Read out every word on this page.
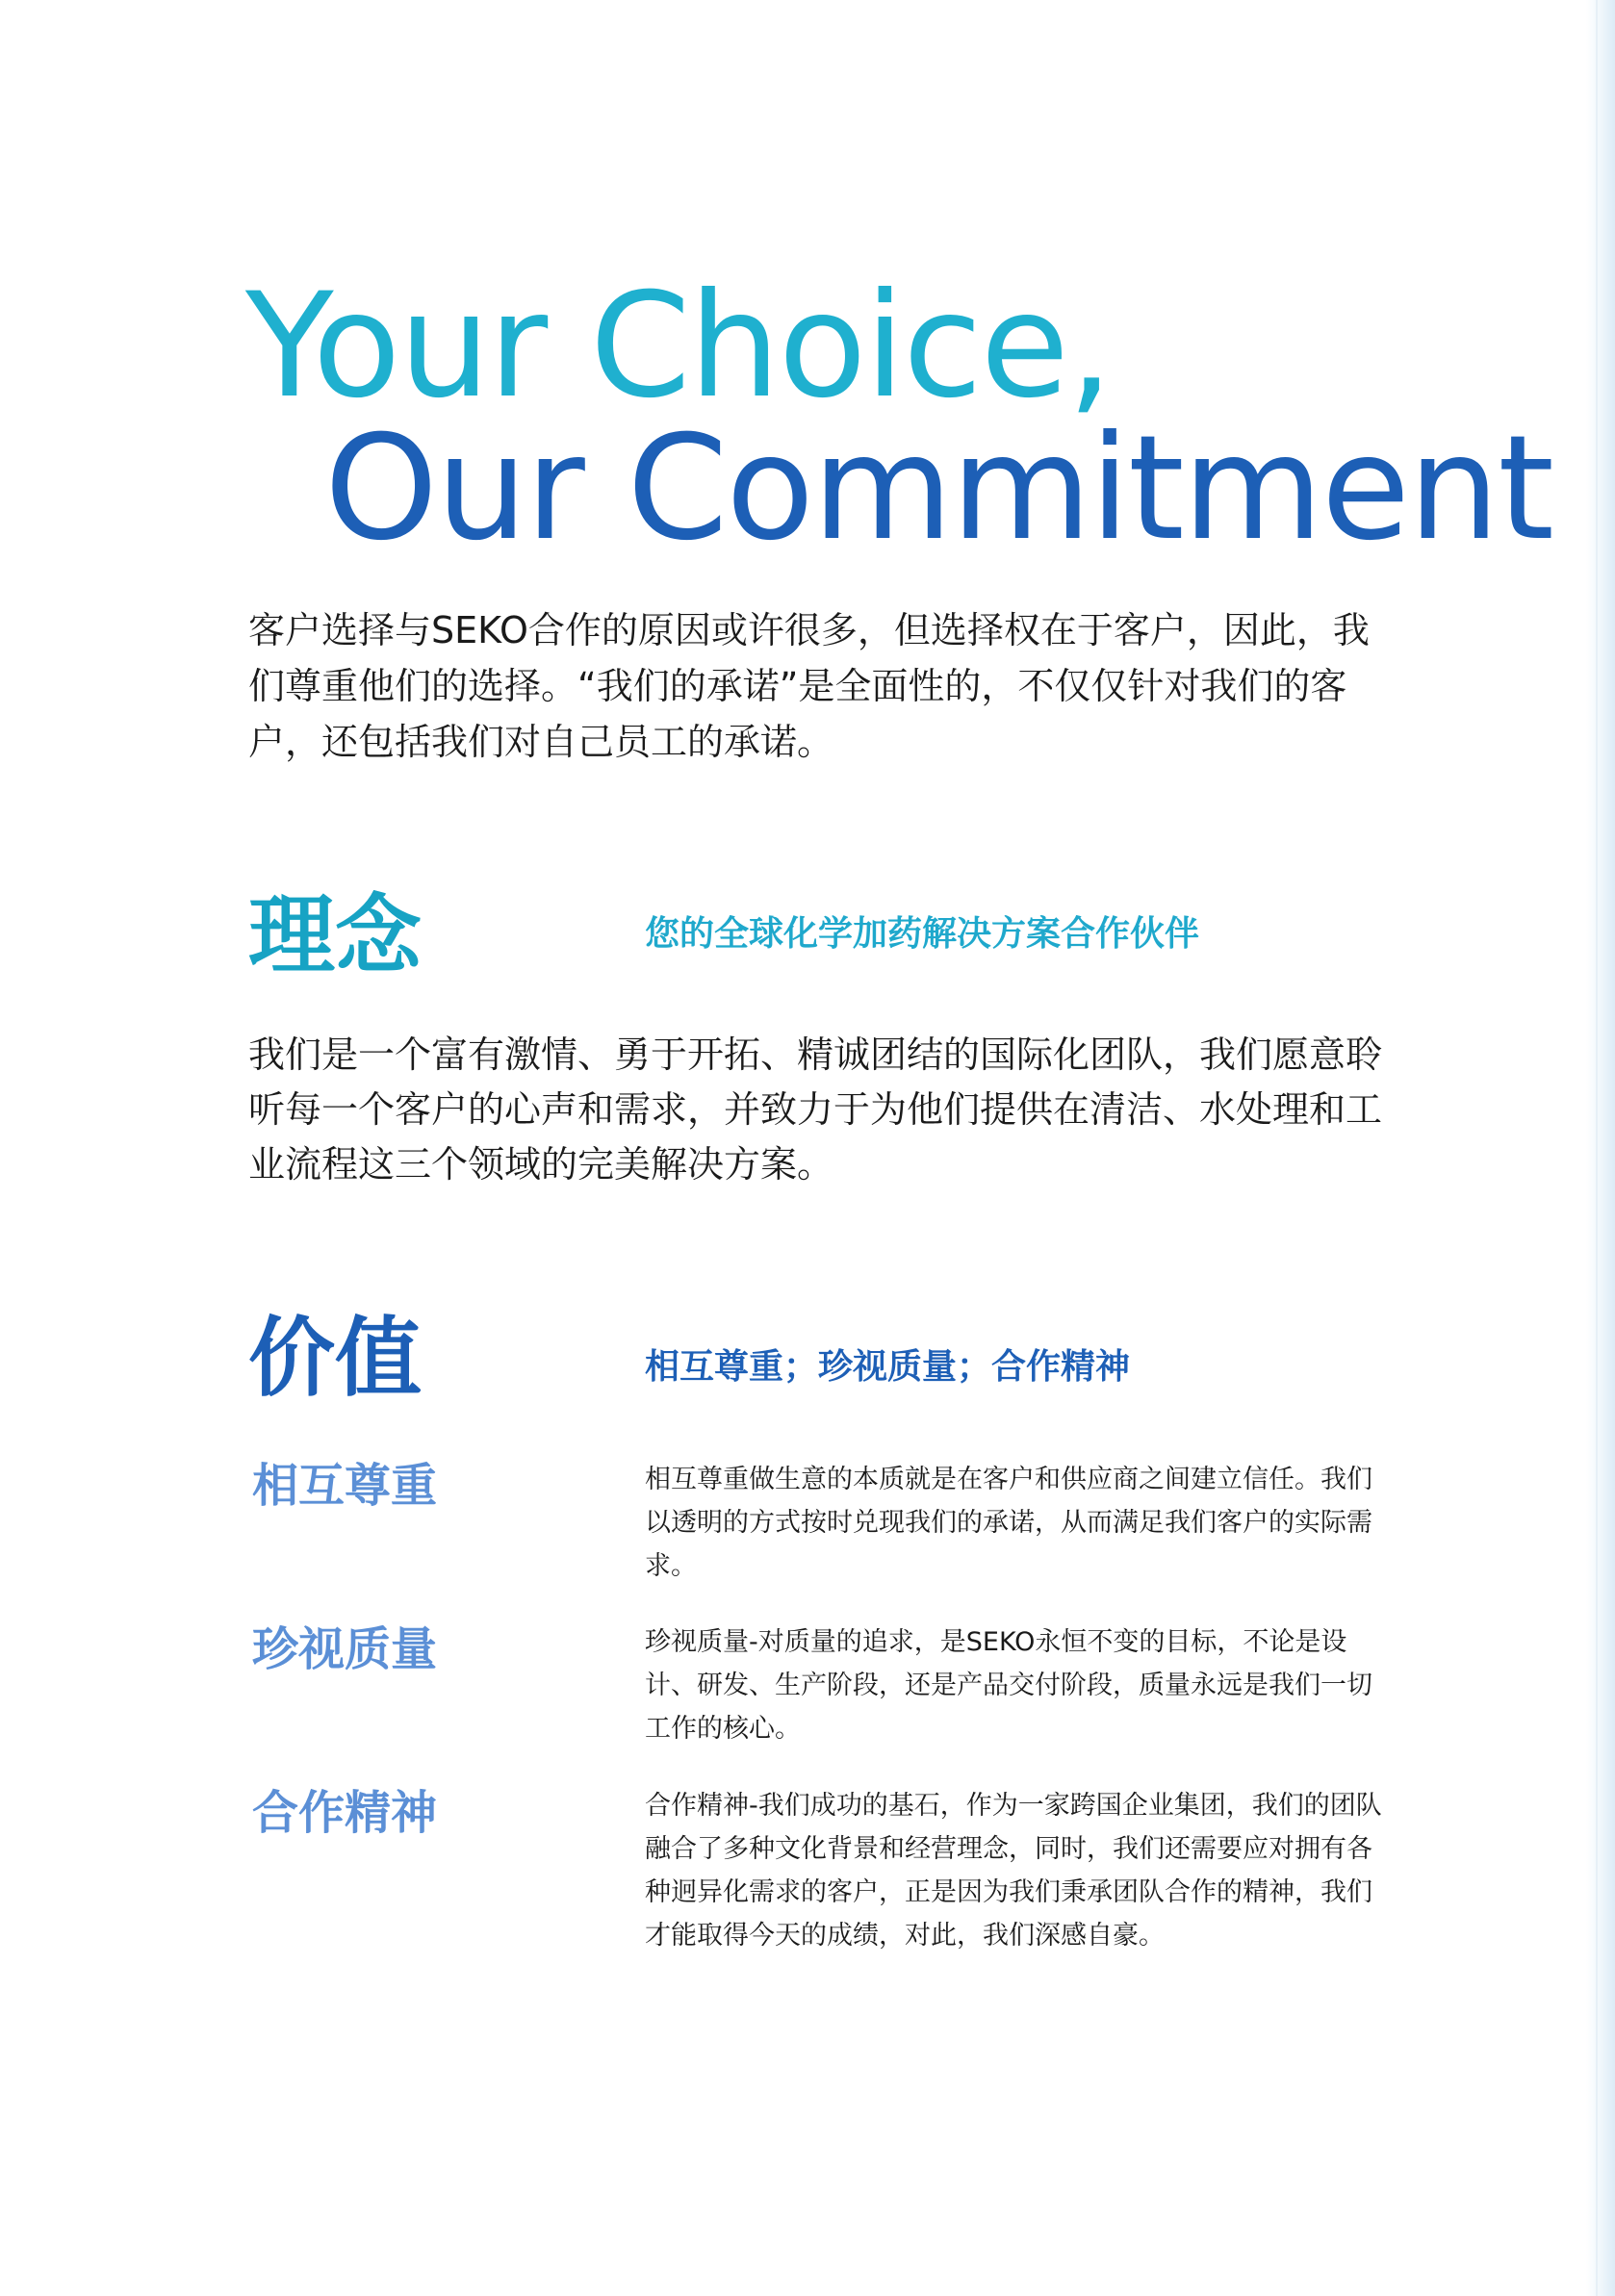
Your Choice,
Our Commitment

客户选择与SEKO合作的原因或许很多，但选择权在于客户，因此，我们尊重他们的选择。“我们的承诺”是全面性的，不仅仅针对我们的客户，还包括我们对自己员工的承诺。

理念	您的全球化学加药解决方案合作伙伴

我们是一个富有激情、勇于开拓、精诚团结的国际化团队，我们愿意聆听每一个客户的心声和需求，并致力于为他们提供在清洁、水处理和工业流程这三个领域的完美解决方案。

价值	相互尊重；珍视质量；合作精神

相互尊重	相互尊重做生意的本质就是在客户和供应商之间建立信任。我们以透明的方式按时兑现我们的承诺，从而满足我们客户的实际需求。

珍视质量	珍视质量-对质量的追求，是SEKO永恒不变的目标，不论是设计、研发、生产阶段，还是产品交付阶段，质量永远是我们一切工作的核心。

合作精神	合作精神-我们成功的基石，作为一家跨国企业集团，我们的团队融合了多种文化背景和经营理念，同时，我们还需要应对拥有各种迥异化需求的客户，正是因为我们秉承团队合作的精神，我们才能取得今天的成绩，对此，我们深感自豪。
